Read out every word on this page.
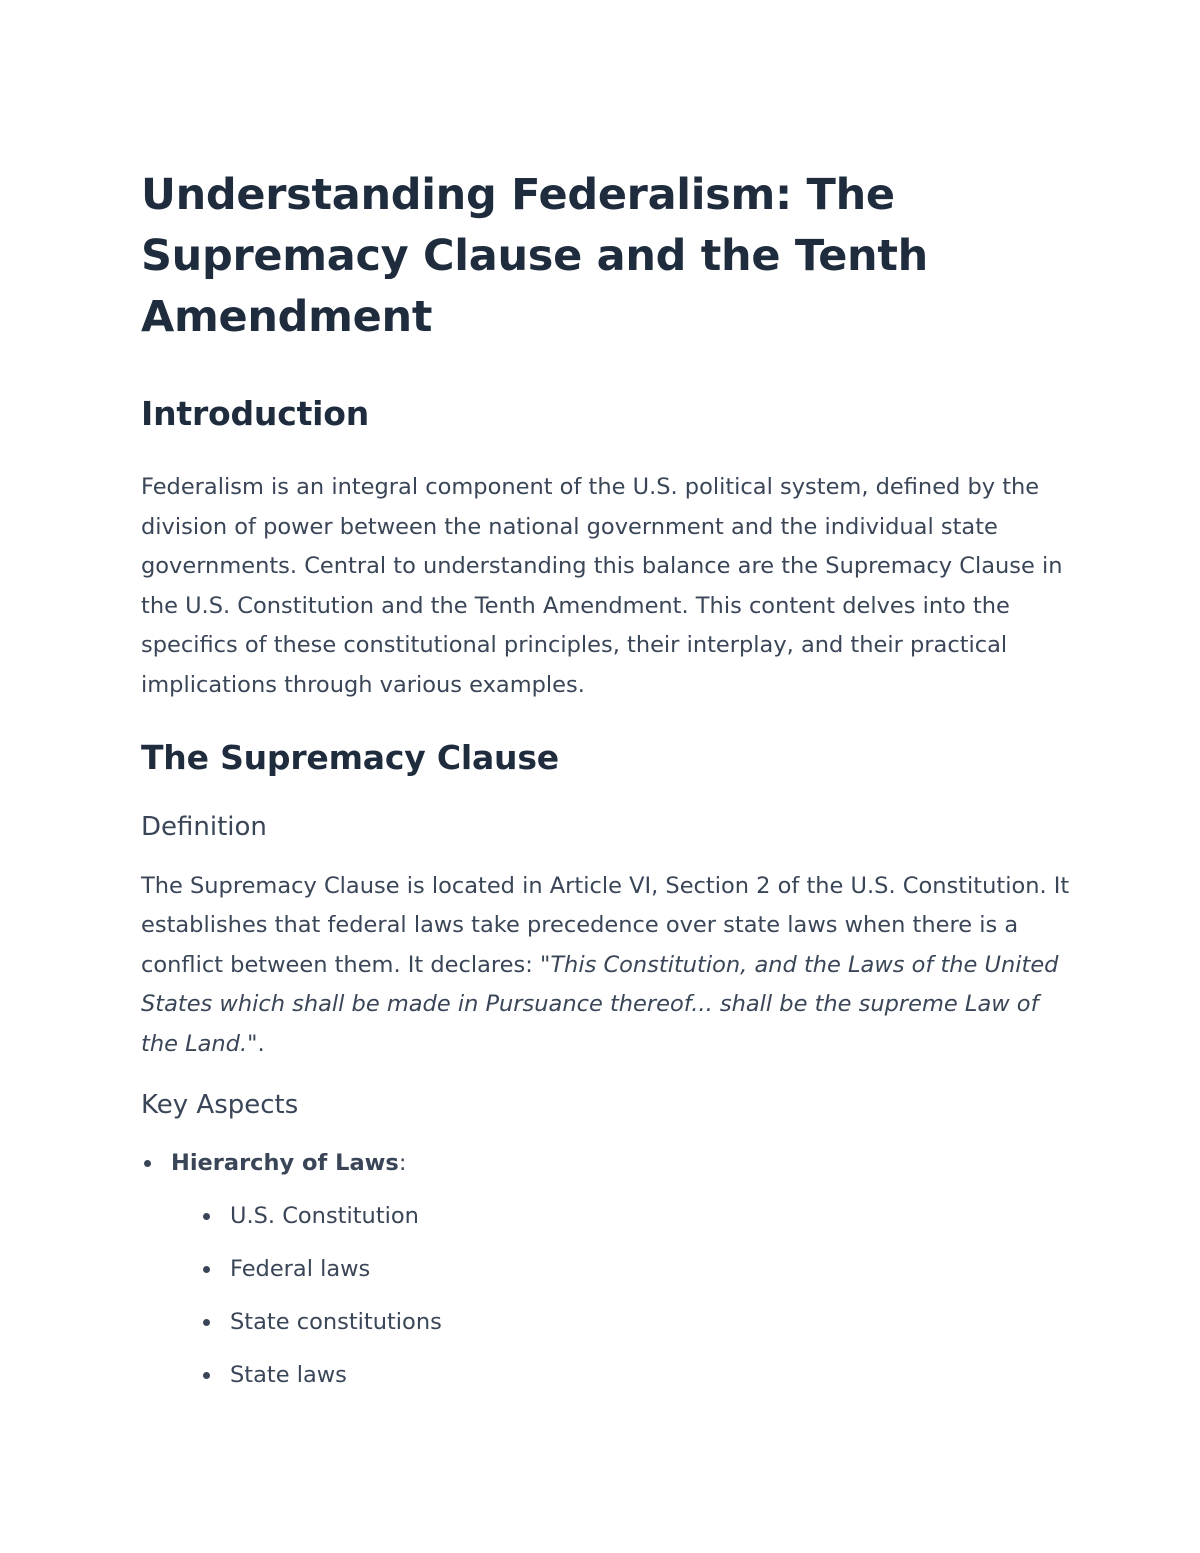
Understanding Federalism: The Supremacy Clause and the Tenth Amendment
Introduction

Federalism is an integral component of the U.S. political system, defined by the division of power between the national government and the individual state governments. Central to understanding this balance are the Supremacy Clause in the U.S. Constitution and the Tenth Amendment. This content delves into the specifics of these constitutional principles, their interplay, and their practical implications through various examples.

The Supremacy Clause
Definition

The Supremacy Clause is located in Article VI, Section 2 of the U.S. Constitution. It establishes that federal laws take precedence over state laws when there is a conflict between them. It declares: "This Constitution, and the Laws of the United States which shall be made in Pursuance thereof... shall be the supreme Law of the Land.".

Key Aspects
Hierarchy of Laws:
U.S. Constitution
Federal laws
State constitutions
State laws
